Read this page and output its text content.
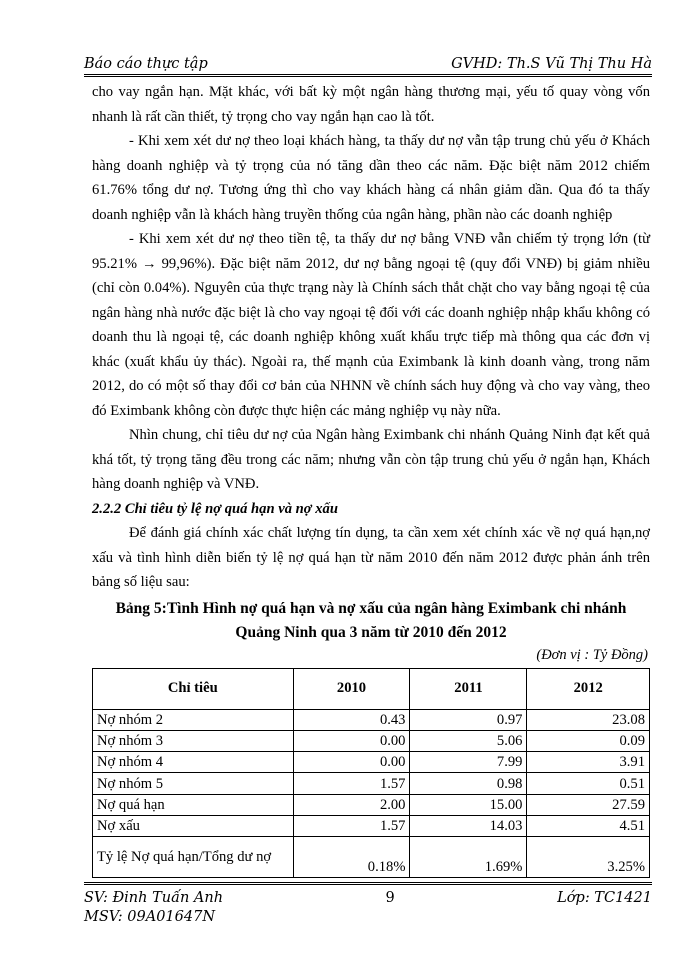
Báo cáo thực tập	GVHD: Th.S Vũ Thị Thu Hà

cho vay ngắn hạn. Mặt khác, với bất kỳ một ngân hàng thương mại, yếu tố quay vòng vốn nhanh là rất cần thiết, tỷ trọng cho vay ngắn hạn cao là tốt.

- Khi xem xét dư nợ theo loại khách hàng, ta thấy dư nợ vẫn tập trung chủ yếu ở Khách hàng doanh nghiệp và tỷ trọng của nó tăng dần theo các năm. Đặc biệt năm 2012 chiếm 61.76% tổng dư nợ. Tương ứng thì cho vay khách hàng cá nhân giảm dần. Qua đó ta thấy doanh nghiệp vẫn là khách hàng truyền thống của ngân hàng, phần nào các doanh nghiệp

- Khi xem xét dư nợ theo tiền tệ, ta thấy dư nợ bằng VNĐ vẫn chiếm tỷ trọng lớn (từ 95.21% → 99,96%). Đặc biệt năm 2012, dư nợ bằng ngoại tệ (quy đổi VNĐ) bị giảm nhiều (chỉ còn 0.04%). Nguyên của thực trạng này là Chính sách thắt chặt cho vay bằng ngoại tệ của ngân hàng nhà nước đặc biệt là cho vay ngoại tệ đối với các doanh nghiệp nhập khẩu không có doanh thu là ngoại tệ, các doanh nghiệp không xuất khẩu trực tiếp mà thông qua các đơn vị khác (xuất khẩu ủy thác). Ngoài ra, thế mạnh của Eximbank là kinh doanh vàng, trong năm 2012, do có một số thay đổi cơ bản của NHNN về chính sách huy động và cho vay vàng, theo đó Eximbank không còn được thực hiện các mảng nghiệp vụ này nữa.

Nhìn chung, chỉ tiêu dư nợ của Ngân hàng Eximbank chi nhánh Quảng Ninh đạt kết quả khá tốt, tỷ trọng tăng đều trong các năm; nhưng vẫn còn tập trung chủ yếu ở ngắn hạn, Khách hàng doanh nghiệp và VNĐ.

2.2.2 Chỉ tiêu tỷ lệ nợ quá hạn và nợ xấu

Để đánh giá chính xác chất lượng tín dụng, ta cần xem xét chính xác về nợ quá hạn,nợ xấu và tình hình diễn biến tỷ lệ nợ quá hạn từ năm 2010 đến năm 2012 được phản ánh trên bảng số liệu sau:

Bảng 5:Tình Hình nợ quá hạn và nợ xấu của ngân hàng Eximbank chi nhánh Quảng Ninh qua 3 năm từ 2010 đến 2012
(Đơn vị : Tỷ Đồng)
Chỉ tiêu	2010	2011	2012
Nợ nhóm 2	0.43	0.97	23.08
Nợ nhóm 3	0.00	5.06	0.09
Nợ nhóm 4	0.00	7.99	3.91
Nợ nhóm 5	1.57	0.98	0.51
Nợ quá hạn	2.00	15.00	27.59
Nợ xấu	1.57	14.03	4.51
Tỷ lệ Nợ quá hạn/Tổng dư nợ	0.18%	1.69%	3.25%
SV: Đinh Tuấn Anh	9	Lớp: TC1421
MSV: 09A01647N
